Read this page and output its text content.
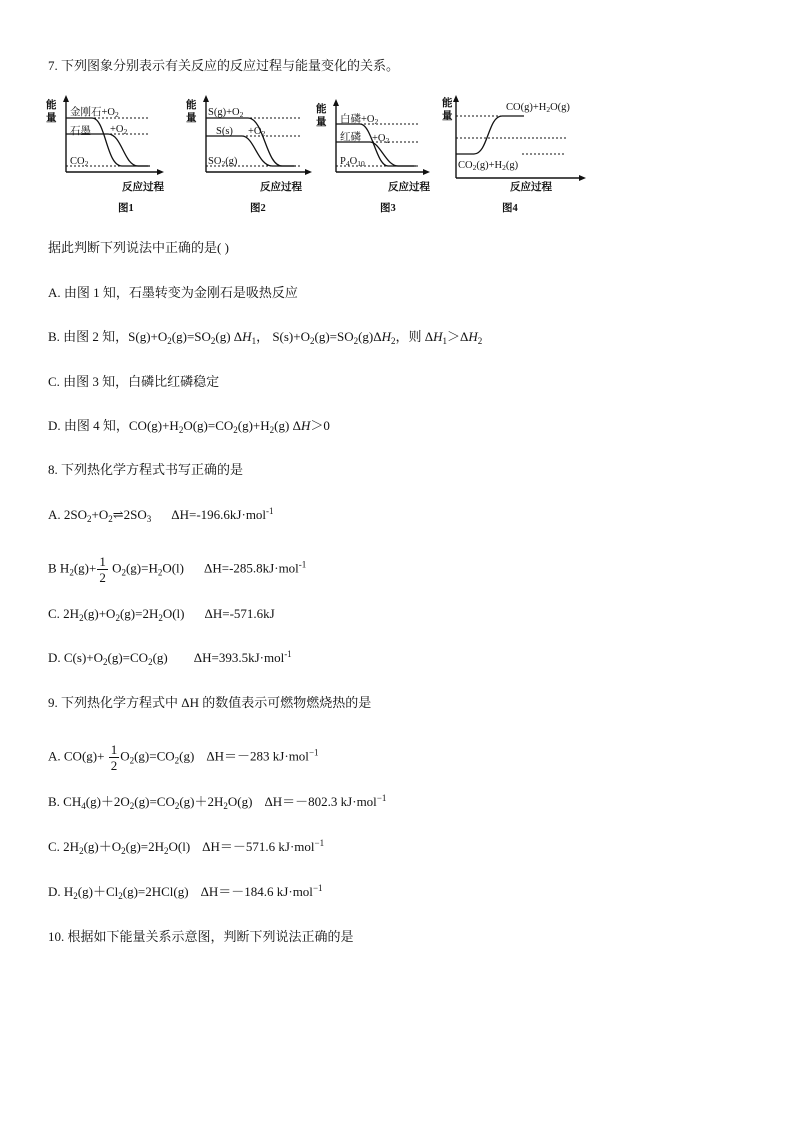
7. 下列图象分别表示有关反应的反应过程与能量变化的关系。
能
量
金刚石+O2
石墨 +O2
CO2
反应过程
图1
能
量
S(g)+O2
S(s) +O2
SO2(g)
反应过程
图2
能
量 白磷+O2
红磷 +O2
P4O10
反应过程
图3
能
量
CO(g)+H2O(g)
CO2(g)+H2(g)
反应过程
图4
据此判断下列说法中正确的是( )
A. 由图 1 知，石墨转变为金刚石是吸热反应
B. 由图 2 知，$S(g)+O_2(g)=SO_2(g)$ $\Delta H_1$， $S(s)+O_2(g)=SO_2(g)\Delta H_2$，则 $\Delta H_1>\Delta H_2$
C. 由图 3 知，白磷比红磷稳定
D. 由图 4 知，$CO(g)+H_2O(g)=CO_2(g)+H_2(g)$ ΔH＞0
8. 下列热化学方程式书写正确的是
A. $2SO_2+O_2\rightleftharpoons 2SO_3$ ΔH=-196.6kJ·mol$^{-1}$
B $H_2(g)+ \frac{1}{2} O_2(g)=H_2O(l)$ ΔH=-285.8kJ·mol$^{-1}$
C. $2H_2(g)+O_2(g)=2H_2O(l)$ ΔH=-571.6kJ
D. $C(s)+O_2(g)=CO_2(g)$ ΔH=393.5kJ·mol$^{-1}$
9. 下列热化学方程式中 ΔH 的数值表示可燃物燃烧热的是
A. $CO(g)+ \frac{1}{2} O_2(g)=CO_2(g)$ ΔH＝－283 kJ·mol$^{-1}$
B. $CH_4(g)+2O_2(g)=CO_2(g)+2H_2O(g)$ ΔH＝－802.3 kJ·mol$^{-1}$
C. $2H_2(g)+O_2(g)=2H_2O(l)$ ΔH＝－571.6 kJ·mol$^{-1}$
D. $H_2(g)+Cl_2(g)=2HCl(g)$ ΔH＝－184.6 kJ·mol$^{-1}$
10. 根据如下能量关系示意图，判断下列说法正确的是
